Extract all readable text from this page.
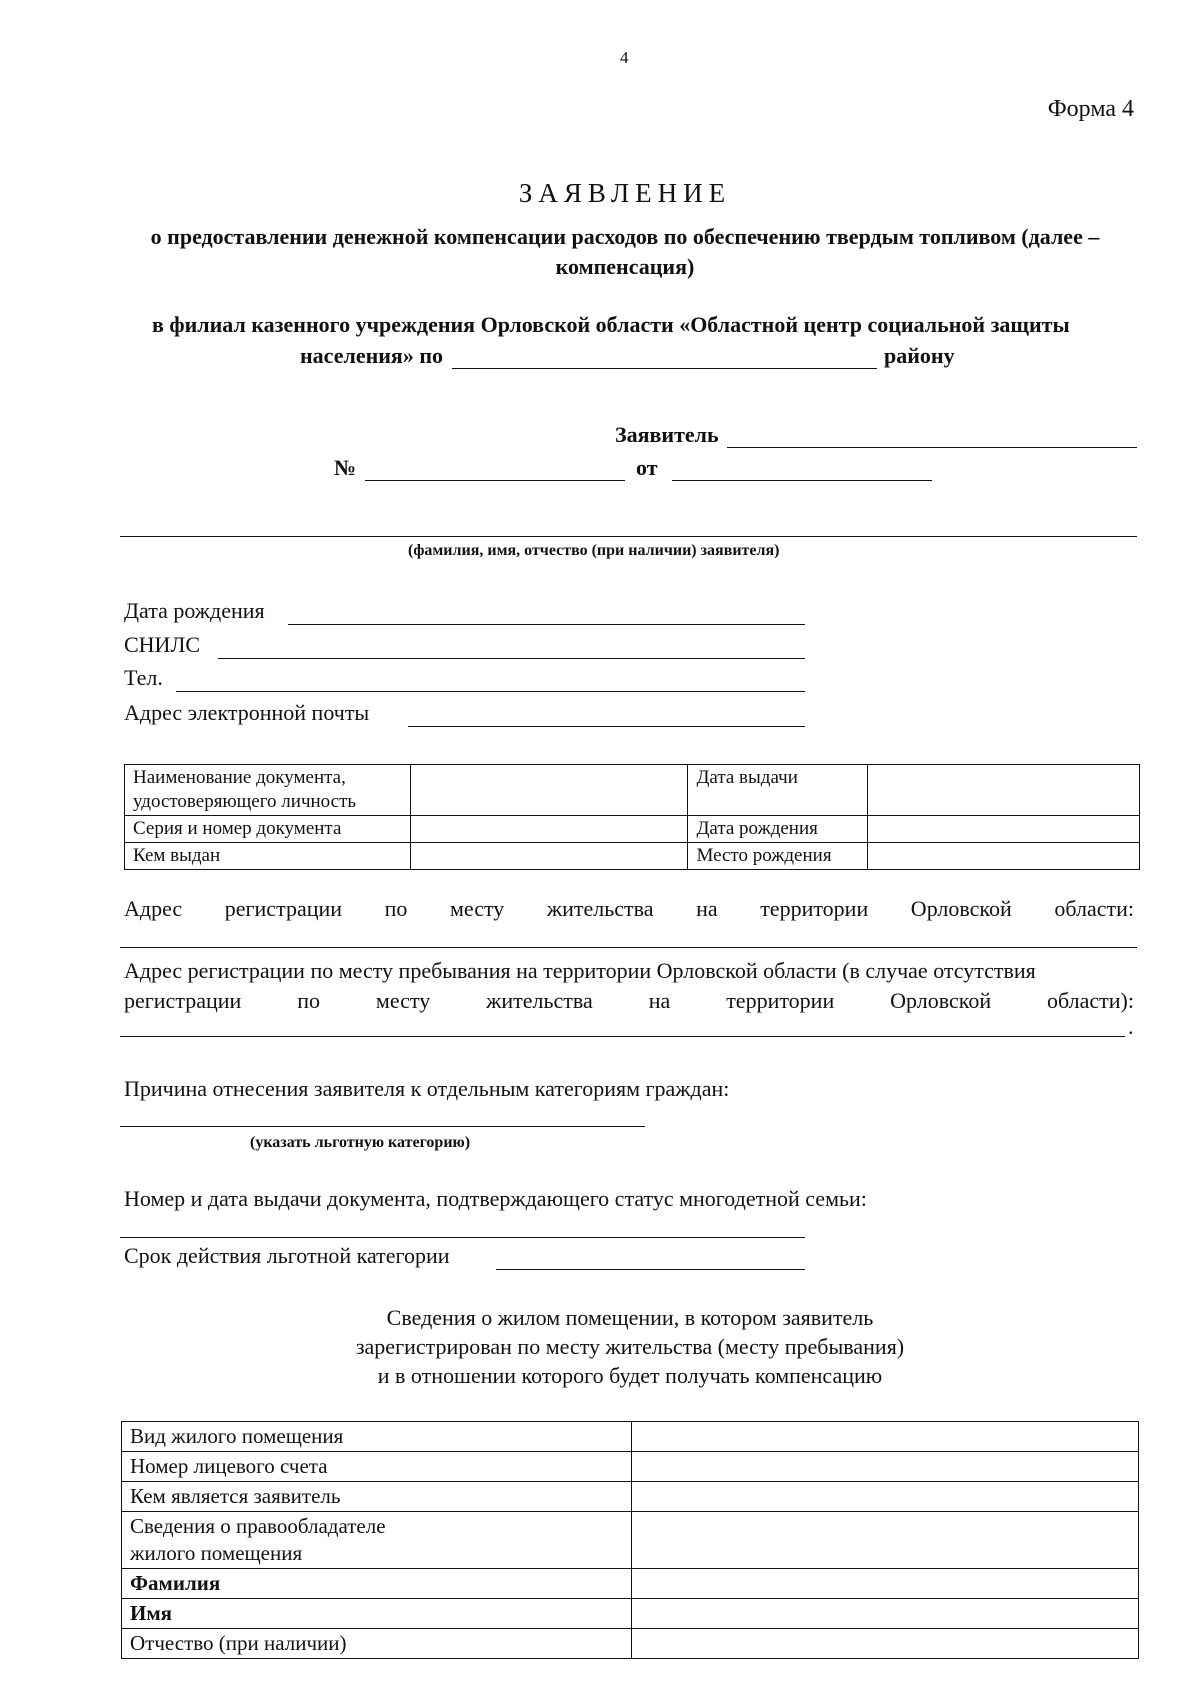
4
Форма 4
ЗАЯВЛЕНИЕ
о предоставлении денежной компенсации расходов по обеспечению твердым топливом (далее – компенсация)
в филиал казенного учреждения Орловской области «Областной центр социальной защиты
населения» по	району
Заявитель
№	от
(фамилия, имя, отчество (при наличии) заявителя)
Дата рождения
СНИЛС
Тел.
Адрес электронной почты
Наименование документа, удостоверяющего личность		Дата выдачи	
Серия и номер документа		Дата рождения	
Кем выдан		Место рождения	
Адрес регистрации по месту жительства на территории Орловской области:
Адрес регистрации по месту пребывания на территории Орловской области (в случае отсутствия
регистрации по месту жительства на территории Орловской области):
.
Причина отнесения заявителя к отдельным категориям граждан:
(указать льготную категорию)
Номер и дата выдачи документа, подтверждающего статус многодетной семьи:
Срок действия льготной категории
Сведения о жилом помещении, в котором заявитель
зарегистрирован по месту жительства (месту пребывания)
и в отношении которого будет получать компенсацию
Вид жилого помещения	
Номер лицевого счета	
Кем является заявитель	
Сведения о правообладателе жилого помещения	
Фамилия	
Имя	
Отчество (при наличии)	
